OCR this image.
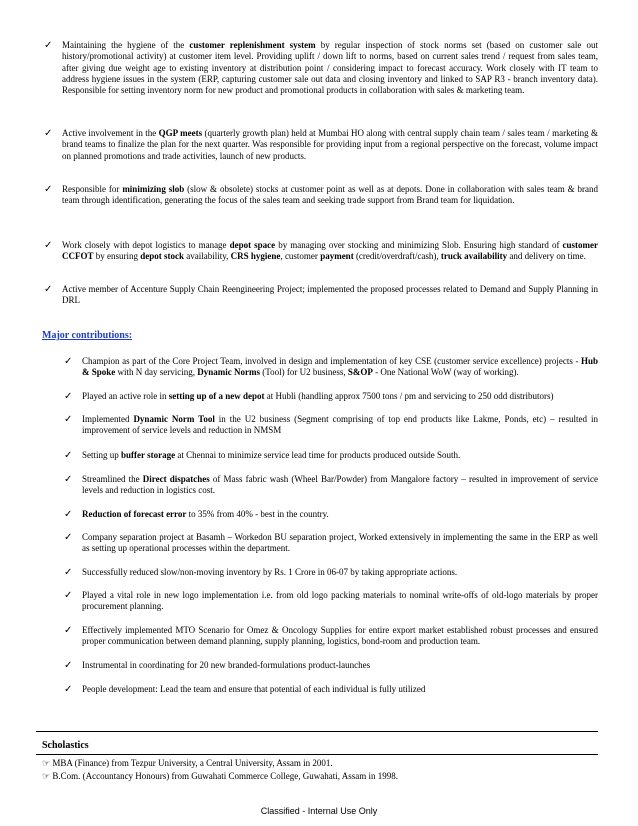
✓ Maintaining the hygiene of the customer replenishment system by regular inspection of stock norms set (based on customer sale out history/promotional activity) at customer item level. Providing uplift / down lift to norms, based on current sales trend / request from sales team, after giving due weight age to existing inventory at distribution point / considering impact to forecast accuracy. Work closely with IT team to address hygiene issues in the system (ERP, capturing customer sale out data and closing inventory and linked to SAP R3 - branch inventory data). Responsible for setting inventory norm for new product and promotional products in collaboration with sales & marketing team.
✓ Active involvement in the QGP meets (quarterly growth plan) held at Mumbai HO along with central supply chain team / sales team / marketing & brand teams to finalize the plan for the next quarter. Was responsible for providing input from a regional perspective on the forecast, volume impact on planned promotions and trade activities, launch of new products.
✓ Responsible for minimizing slob (slow & obsolete) stocks at customer point as well as at depots. Done in collaboration with sales team & brand team through identification, generating the focus of the sales team and seeking trade support from Brand team for liquidation.
✓ Work closely with depot logistics to manage depot space by managing over stocking and minimizing Slob. Ensuring high standard of customer CCFOT by ensuring depot stock availability, CRS hygiene, customer payment (credit/overdraft/cash), truck availability and delivery on time.
✓ Active member of Accenture Supply Chain Reengineering Project; implemented the proposed processes related to Demand and Supply Planning in DRL
Major contributions:
✓ Champion as part of the Core Project Team, involved in design and implementation of key CSE (customer service excellence) projects - Hub & Spoke with N day servicing, Dynamic Norms (Tool) for U2 business, S&OP - One National WoW (way of working).
✓ Played an active role in setting up of a new depot at Hubli (handling approx 7500 tons / pm and servicing to 250 odd distributors)
✓ Implemented Dynamic Norm Tool in the U2 business (Segment comprising of top end products like Lakme, Ponds, etc) – resulted in improvement of service levels and reduction in NMSM
✓ Setting up buffer storage at Chennai to minimize service lead time for products produced outside South.
✓ Streamlined the Direct dispatches of Mass fabric wash (Wheel Bar/Powder) from Mangalore factory – resulted in improvement of service levels and reduction in logistics cost.
✓ Reduction of forecast error to 35% from 40% - best in the country.
✓ Company separation project at Basamh – Workedon BU separation project, Worked extensively in implementing the same in the ERP as well as setting up operational processes within the department.
✓ Successfully reduced slow/non-moving inventory by Rs. 1 Crore in 06-07 by taking appropriate actions.
✓ Played a vital role in new logo implementation i.e. from old logo packing materials to nominal write-offs of old-logo materials by proper procurement planning.
✓ Effectively implemented MTO Scenario for Omez & Oncology Supplies for entire export market established robust processes and ensured proper communication between demand planning, supply planning, logistics, bond-room and production team.
✓ Instrumental in coordinating for 20 new branded-formulations product-launches
✓ People development: Lead the team and ensure that potential of each individual is fully utilized
Scholastics
☞ MBA (Finance) from Tezpur University, a Central University, Assam in 2001.
☞ B.Com. (Accountancy Honours) from Guwahati Commerce College, Guwahati, Assam in 1998.
Classified - Internal Use Only
